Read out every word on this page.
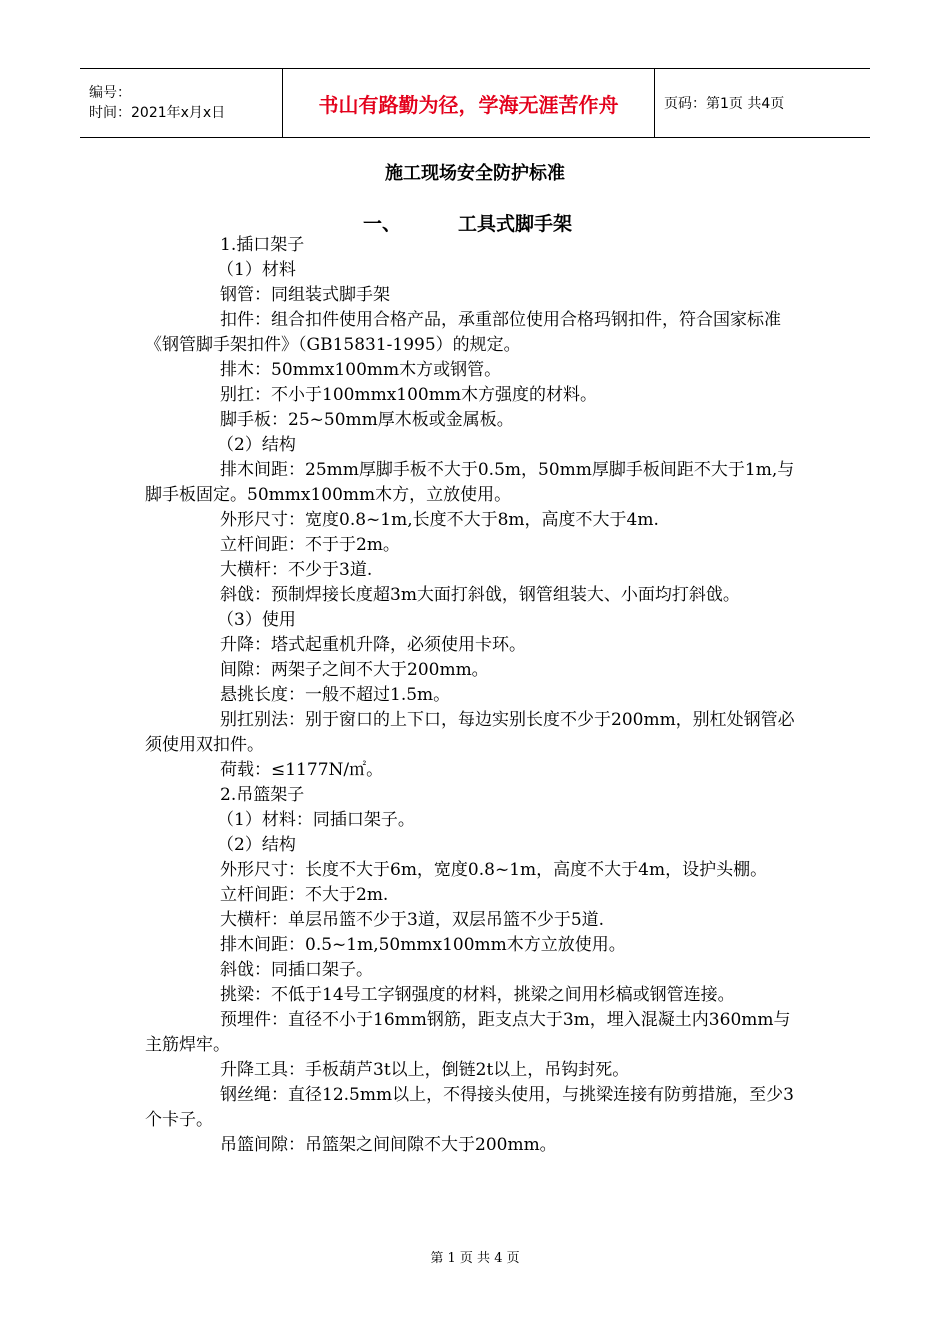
编号：
时间：2021年x月x日	书山有路勤为径，学海无涯苦作舟	页码：第1页 共4页
施工现场安全防护标准
一、	工具式脚手架

1.插口架子

（1）材料

钢管：同组装式脚手架

扣件：组合扣件使用合格产品，承重部位使用合格玛钢扣件，符合国家标准《钢管脚手架扣件》（GB15831-1995）的规定。

排木：50mmx100mm木方或钢管。

别扛：不小于100mmx100mm木方强度的材料。

脚手板：25~50mm厚木板或金属板。

（2）结构

排木间距：25mm厚脚手板不大于0.5m，50mm厚脚手板间距不大于1m,与脚手板固定。50mmx100mm木方，立放使用。

外形尺寸：宽度0.8~1m,长度不大于8m，高度不大于4m.

立杆间距：不于于2m。

大横杆：不少于3道.

斜戗：预制焊接长度超3m大面打斜戗，钢管组装大、小面均打斜戗。

（3）使用

升降：塔式起重机升降，必须使用卡环。

间隙：两架子之间不大于200mm。

悬挑长度：一般不超过1.5m。

别扛别法：别于窗口的上下口，每边实别长度不少于200mm，别杠处钢管必须使用双扣件。

荷载：≤1177N/㎡。

2.吊篮架子

（1）材料：同插口架子。

（2）结构

外形尺寸：长度不大于6m，宽度0.8~1m，高度不大于4m，设护头棚。

立杆间距：不大于2m.

大横杆：单层吊篮不少于3道，双层吊篮不少于5道.

排木间距：0.5~1m,50mmx100mm木方立放使用。

斜戗：同插口架子。

挑梁：不低于14号工字钢强度的材料，挑梁之间用杉槁或钢管连接。

预埋件：直径不小于16mm钢筋，距支点大于3m，埋入混凝土内360mm与主筋焊牢。

升降工具：手板葫芦3t以上，倒链2t以上，吊钩封死。

钢丝绳：直径12.5mm以上，不得接头使用，与挑梁连接有防剪措施，至少3个卡子。

吊篮间隙：吊篮架之间间隙不大于200mm。

第 1 页 共 4 页
